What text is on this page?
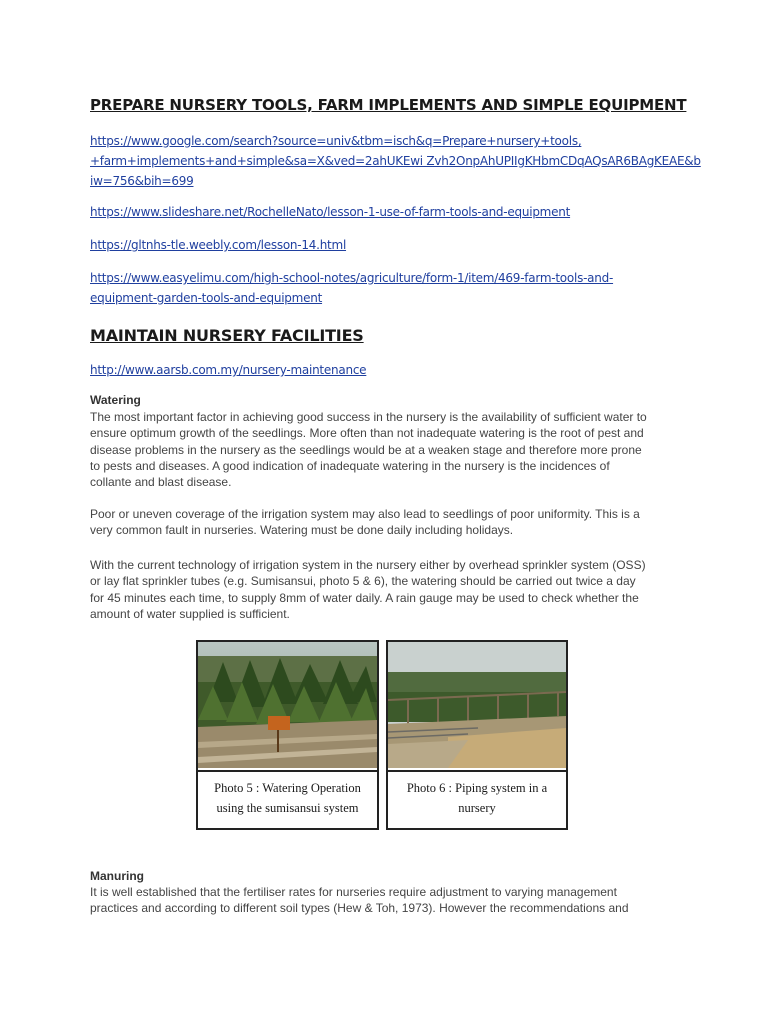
PREPARE NURSERY TOOLS, FARM IMPLEMENTS AND SIMPLE EQUIPMENT
https://www.google.com/search?source=univ&tbm=isch&q=Prepare+nursery+tools,
+farm+implements+and+simple&sa=X&ved=2ahUKEwi Zvh2OnpAhUPIIgKHbmCDqAQsAR6BAgKEAE&b
iw=756&bih=699
https://www.slideshare.net/RochelleNato/lesson-1-use-of-farm-tools-and-equipment
https://gltnhs-tle.weebly.com/lesson-14.html
https://www.easyelimu.com/high-school-notes/agriculture/form-1/item/469-farm-tools-and-
equipment-garden-tools-and-equipment
MAINTAIN NURSERY FACILITIES
http://www.aarsb.com.my/nursery-maintenance
Watering

The most important factor in achieving good success in the nursery is the availability of sufficient water to
ensure optimum growth of the seedlings. More often than not inadequate watering is the root of pest and
disease problems in the nursery as the seedlings would be at a weaken stage and therefore more prone
to pests and diseases. A good indication of inadequate watering in the nursery is the incidences of
collante and blast disease.

Poor or uneven coverage of the irrigation system may also lead to seedlings of poor uniformity. This is a
very common fault in nurseries. Watering must be done daily including holidays.

With the current technology of irrigation system in the nursery either by overhead sprinkler system (OSS)
or lay flat sprinkler tubes (e.g. Sumisansui, photo 5 & 6), the watering should be carried out twice a day
for 45 minutes each time, to supply 8mm of water daily. A rain gauge may be used to check whether the
amount of water supplied is sufficient.

Photo 5 : Watering Operation
using the sumisansui system
Photo 6 : Piping system in a
nursery
Manuring

It is well established that the fertiliser rates for nurseries require adjustment to varying management
practices and according to different soil types (Hew & Toh, 1973). However the recommendations and
